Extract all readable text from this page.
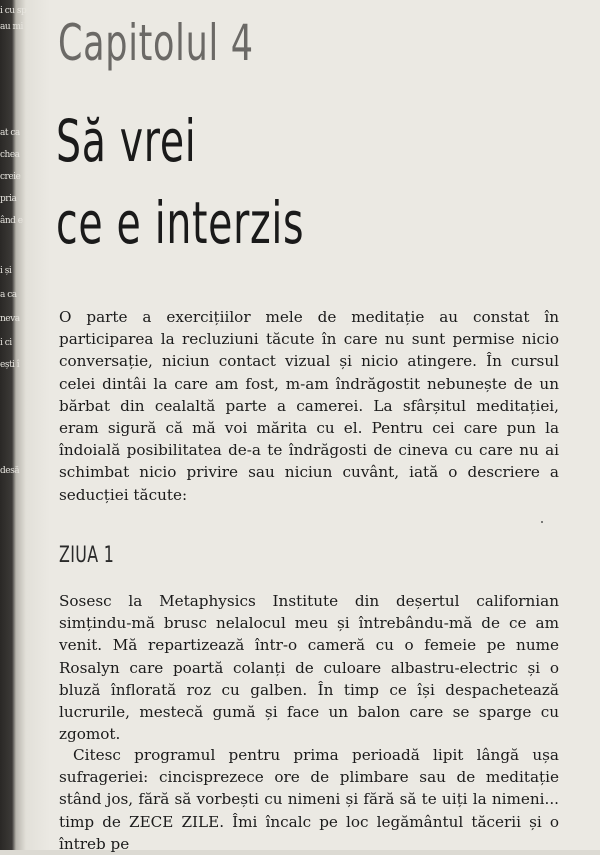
i cu sp
au mi
at ca
chea
creie
pria
ând e
i și
a ca
neva
i ci
ești î
desă
Capitolul 4
Să vrei
ce e interzis

O parte a exercițiilor mele de meditație au constat în participarea la recluziuni tăcute în care nu sunt permise nicio conversație, niciun contact vizual și nicio atingere. În cursul celei dintâi la care am fost, m-am îndrăgostit nebunește de un bărbat din cealaltă parte a camerei. La sfârșitul meditației, eram sigură că mă voi mărita cu el. Pentru cei care pun la îndoială posibilitatea de-a te îndrăgosti de cineva cu care nu ai schimbat nicio privire sau niciun cuvânt, iată o descriere a seducției tăcute:

ZIUA 1

Sosesc la Metaphysics Institute din deșertul californian simțindu-mă brusc nelalocul meu și întrebându-mă de ce am venit. Mă repartizează într-o cameră cu o femeie pe nume Rosalyn care poartă colanți de culoare albastru-electric și o bluză înflorată roz cu galben. În timp ce își despachetează lucrurile, mestecă gumă și face un balon care se sparge cu zgomot.

Citesc programul pentru prima perioadă lipit lângă ușa sufrageriei: cincisprezece ore de plimbare sau de meditație stând jos, fără să vorbești cu nimeni și fără să te uiți la nimeni... timp de ZECE ZILE. Îmi încalc pe loc legământul tăcerii și o întreb pe
